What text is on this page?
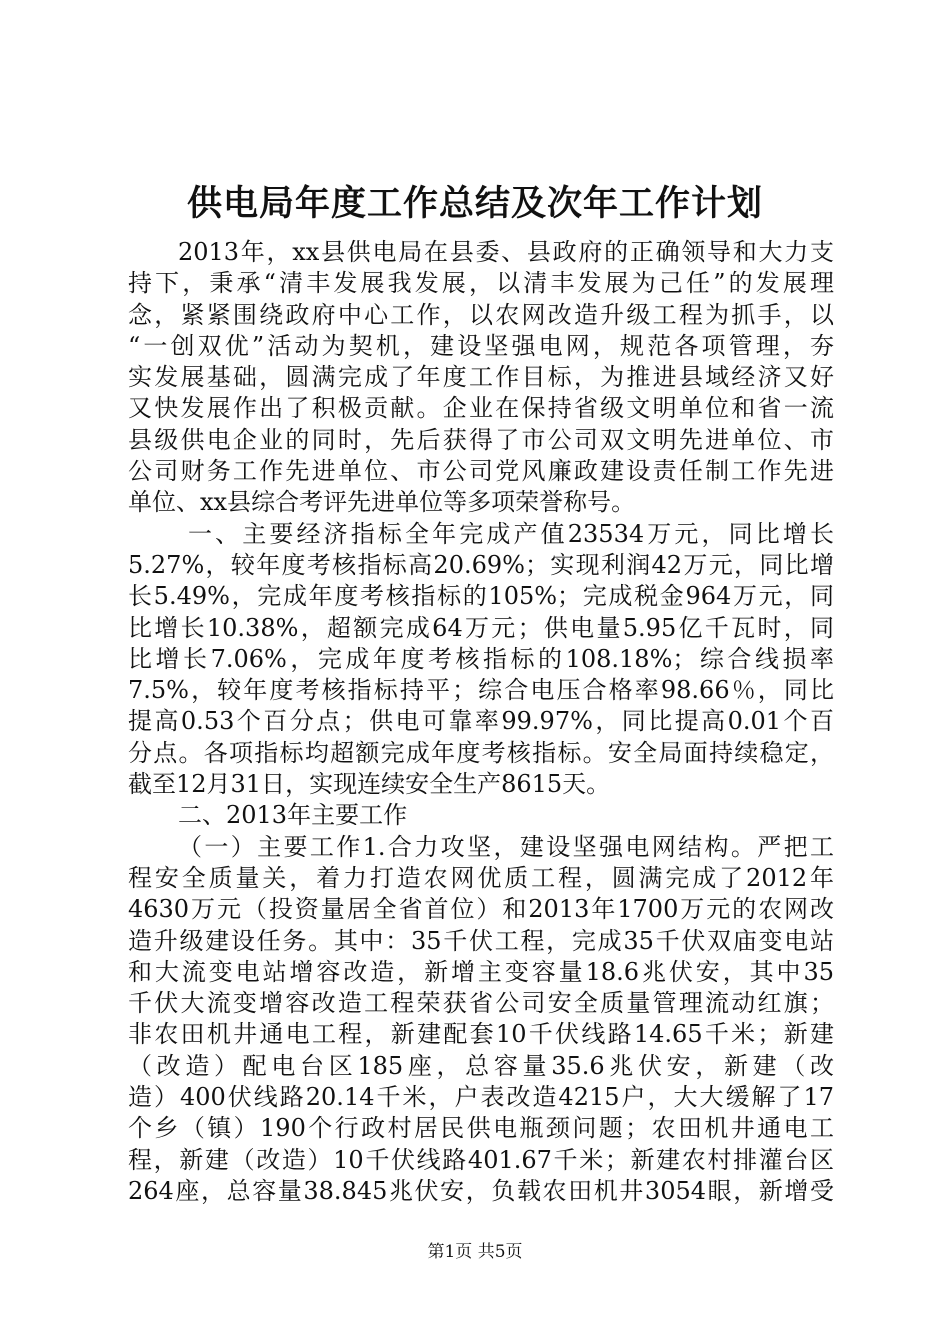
供电局年度工作总结及次年工作计划
2013年，xx县供电局在县委、县政府的正确领导和大力支
持下，秉承“清丰发展我发展，以清丰发展为己任”的发展理
念，紧紧围绕政府中心工作，以农网改造升级工程为抓手，以
“一创双优”活动为契机，建设坚强电网，规范各项管理，夯
实发展基础，圆满完成了年度工作目标，为推进县域经济又好
又快发展作出了积极贡献。企业在保持省级文明单位和省一流
县级供电企业的同时，先后获得了市公司双文明先进单位、市
公司财务工作先进单位、市公司党风廉政建设责任制工作先进
单位、xx县综合考评先进单位等多项荣誉称号。
一、主要经济指标全年完成产值23534万元，同比增长
5.27%，较年度考核指标高20.69%；实现利润42万元，同比增
长5.49%，完成年度考核指标的105%；完成税金964万元，同
比增长10.38%，超额完成64万元；供电量5.95亿千瓦时，同
比增长7.06%，完成年度考核指标的108.18%；综合线损率
7.5%，较年度考核指标持平；综合电压合格率98.66％，同比
提高0.53个百分点；供电可靠率99.97%，同比提高0.01个百
分点。各项指标均超额完成年度考核指标。安全局面持续稳定，
截至12月31日，实现连续安全生产8615天。
二、2013年主要工作
（一）主要工作1.合力攻坚，建设坚强电网结构。严把工
程安全质量关，着力打造农网优质工程，圆满完成了2012年
4630万元（投资量居全省首位）和2013年1700万元的农网改
造升级建设任务。其中：35千伏工程，完成35千伏双庙变电站
和大流变电站增容改造，新增主变容量18.6兆伏安，其中35
千伏大流变增容改造工程荣获省公司安全质量管理流动红旗；
非农田机井通电工程，新建配套10千伏线路14.65千米；新建
（改造）配电台区185座，总容量35.6兆伏安，新建（改
造）400伏线路20.14千米，户表改造4215户，大大缓解了17
个乡（镇）190个行政村居民供电瓶颈问题；农田机井通电工
程，新建（改造）10千伏线路401.67千米；新建农村排灌台区
264座，总容量38.845兆伏安，负载农田机井3054眼，新增受
第1页 共5页
